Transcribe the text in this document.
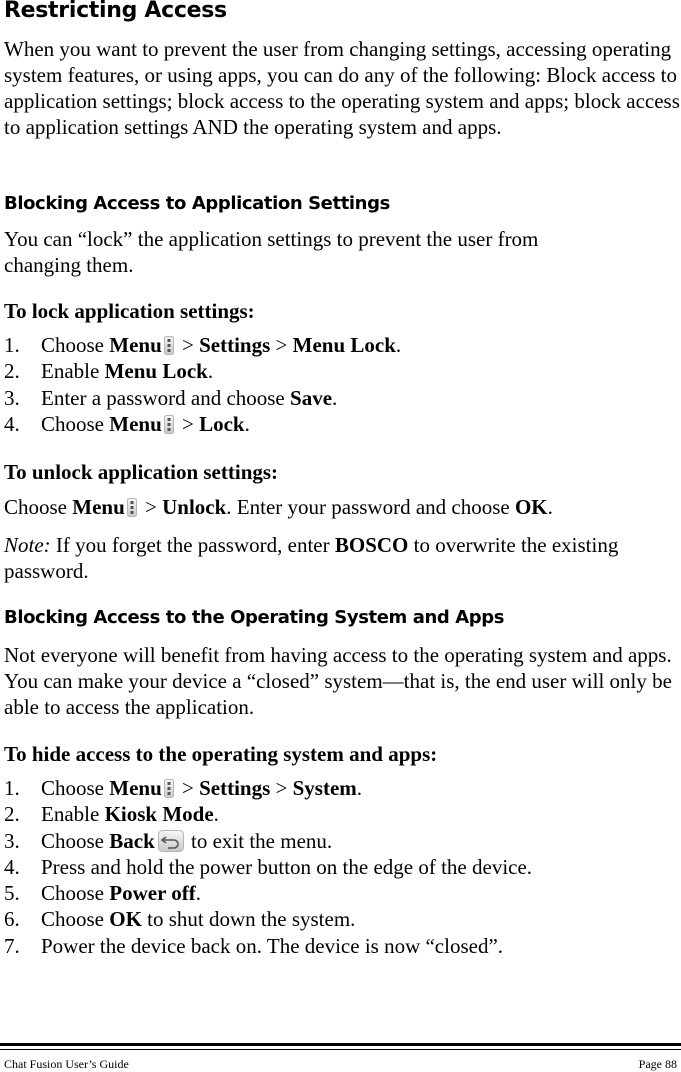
Restricting Access
When you want to prevent the user from changing settings, accessing operating system features, or using apps, you can do any of the following: Block access to application settings; block access to the operating system and apps; block access to application settings AND the operating system and apps.
Blocking Access to Application Settings
You can “lock” the application settings to prevent the user from changing them.
To lock application settings:
1. Choose Menu > Settings > Menu Lock.
2. Enable Menu Lock.
3. Enter a password and choose Save.
4. Choose Menu > Lock.
To unlock application settings:
Choose Menu > Unlock. Enter your password and choose OK.
Note: If you forget the password, enter BOSCO to overwrite the existing password.
Blocking Access to the Operating System and Apps
Not everyone will benefit from having access to the operating system and apps. You can make your device a “closed” system—that is, the end user will only be able to access the application.
To hide access to the operating system and apps:
1. Choose Menu > Settings > System.
2. Enable Kiosk Mode.
3. Choose Back to exit the menu.
4. Press and hold the power button on the edge of the device.
5. Choose Power off.
6. Choose OK to shut down the system.
7. Power the device back on. The device is now “closed”.
Chat Fusion User’s Guide	Page 88
